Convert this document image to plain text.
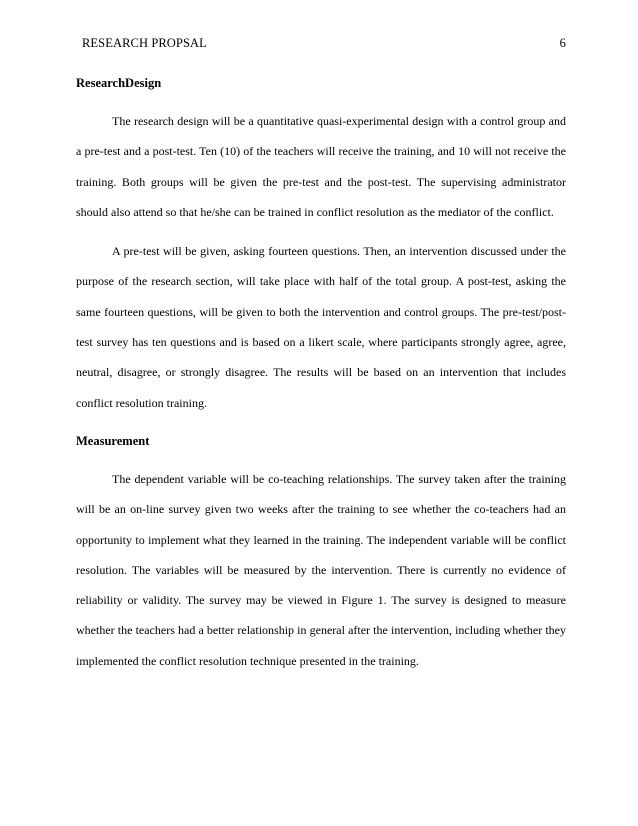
RESEARCH PROPSAL	6
ResearchDesign

The research design will be a quantitative quasi-experimental design with a control group and a pre-test and a post-test. Ten (10) of the teachers will receive the training, and 10 will not receive the training. Both groups will be given the pre-test and the post-test. The supervising administrator should also attend so that he/she can be trained in conflict resolution as the mediator of the conflict.

A pre-test will be given, asking fourteen questions. Then, an intervention discussed under the purpose of the research section, will take place with half of the total group. A post-test, asking the same fourteen questions, will be given to both the intervention and control groups. The pre-test/post-test survey has ten questions and is based on a likert scale, where participants strongly agree, agree, neutral, disagree, or strongly disagree. The results will be based on an intervention that includes conflict resolution training.

Measurement

The dependent variable will be co-teaching relationships. The survey taken after the training will be an on-line survey given two weeks after the training to see whether the co-teachers had an opportunity to implement what they learned in the training. The independent variable will be conflict resolution. The variables will be measured by the intervention. There is currently no evidence of reliability or validity. The survey may be viewed in Figure 1. The survey is designed to measure whether the teachers had a better relationship in general after the intervention, including whether they implemented the conflict resolution technique presented in the training.
